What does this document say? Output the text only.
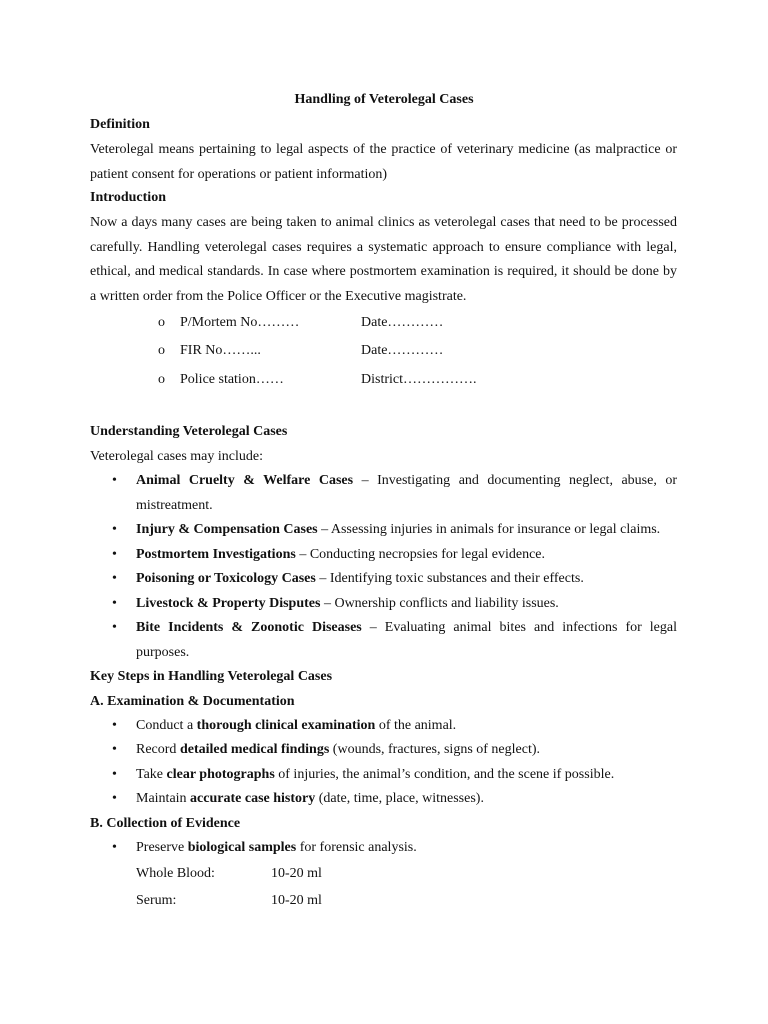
Handling of Veterolegal Cases
Definition
Veterolegal means pertaining to legal aspects of the practice of veterinary medicine (as malpractice or patient consent for operations or patient information)
Introduction
Now a days many cases are being taken to animal clinics as veterolegal cases that need to be processed carefully. Handling veterolegal cases requires a systematic approach to ensure compliance with legal, ethical, and medical standards. In case where postmortem examination is required, it should be done by a written order from the Police Officer or the Executive magistrate.
o P/Mortem No………	Date…………
o FIR No……...	Date…………
o Police station……	District…………….
Understanding Veterolegal Cases
Veterolegal cases may include:
• Animal Cruelty & Welfare Cases – Investigating and documenting neglect, abuse, or mistreatment.
• Injury & Compensation Cases – Assessing injuries in animals for insurance or legal claims.
• Postmortem Investigations – Conducting necropsies for legal evidence.
• Poisoning or Toxicology Cases – Identifying toxic substances and their effects.
• Livestock & Property Disputes – Ownership conflicts and liability issues.
• Bite Incidents & Zoonotic Diseases – Evaluating animal bites and infections for legal purposes.
Key Steps in Handling Veterolegal Cases
A. Examination & Documentation
• Conduct a thorough clinical examination of the animal.
• Record detailed medical findings (wounds, fractures, signs of neglect).
• Take clear photographs of injuries, the animal’s condition, and the scene if possible.
• Maintain accurate case history (date, time, place, witnesses).
B. Collection of Evidence
• Preserve biological samples for forensic analysis.
Whole Blood:	10-20 ml
Serum:	10-20 ml
